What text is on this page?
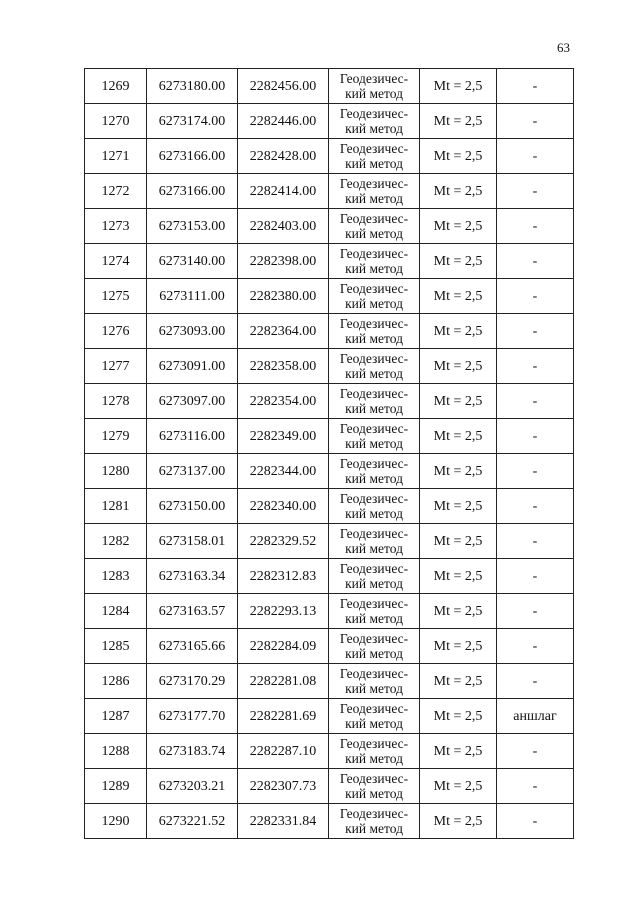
63
1269	6273180.00	2282456.00	Геодезичес-
кий метод	Mt = 2,5	-
1270	6273174.00	2282446.00	Геодезичес-
кий метод	Mt = 2,5	-
1271	6273166.00	2282428.00	Геодезичес-
кий метод	Mt = 2,5	-
1272	6273166.00	2282414.00	Геодезичес-
кий метод	Mt = 2,5	-
1273	6273153.00	2282403.00	Геодезичес-
кий метод	Mt = 2,5	-
1274	6273140.00	2282398.00	Геодезичес-
кий метод	Mt = 2,5	-
1275	6273111.00	2282380.00	Геодезичес-
кий метод	Mt = 2,5	-
1276	6273093.00	2282364.00	Геодезичес-
кий метод	Mt = 2,5	-
1277	6273091.00	2282358.00	Геодезичес-
кий метод	Mt = 2,5	-
1278	6273097.00	2282354.00	Геодезичес-
кий метод	Mt = 2,5	-
1279	6273116.00	2282349.00	Геодезичес-
кий метод	Mt = 2,5	-
1280	6273137.00	2282344.00	Геодезичес-
кий метод	Mt = 2,5	-
1281	6273150.00	2282340.00	Геодезичес-
кий метод	Mt = 2,5	-
1282	6273158.01	2282329.52	Геодезичес-
кий метод	Mt = 2,5	-
1283	6273163.34	2282312.83	Геодезичес-
кий метод	Mt = 2,5	-
1284	6273163.57	2282293.13	Геодезичес-
кий метод	Mt = 2,5	-
1285	6273165.66	2282284.09	Геодезичес-
кий метод	Mt = 2,5	-
1286	6273170.29	2282281.08	Геодезичес-
кий метод	Mt = 2,5	-
1287	6273177.70	2282281.69	Геодезичес-
кий метод	Mt = 2,5	аншлаг
1288	6273183.74	2282287.10	Геодезичес-
кий метод	Mt = 2,5	-
1289	6273203.21	2282307.73	Геодезичес-
кий метод	Mt = 2,5	-
1290	6273221.52	2282331.84	Геодезичес-
кий метод	Mt = 2,5	-
